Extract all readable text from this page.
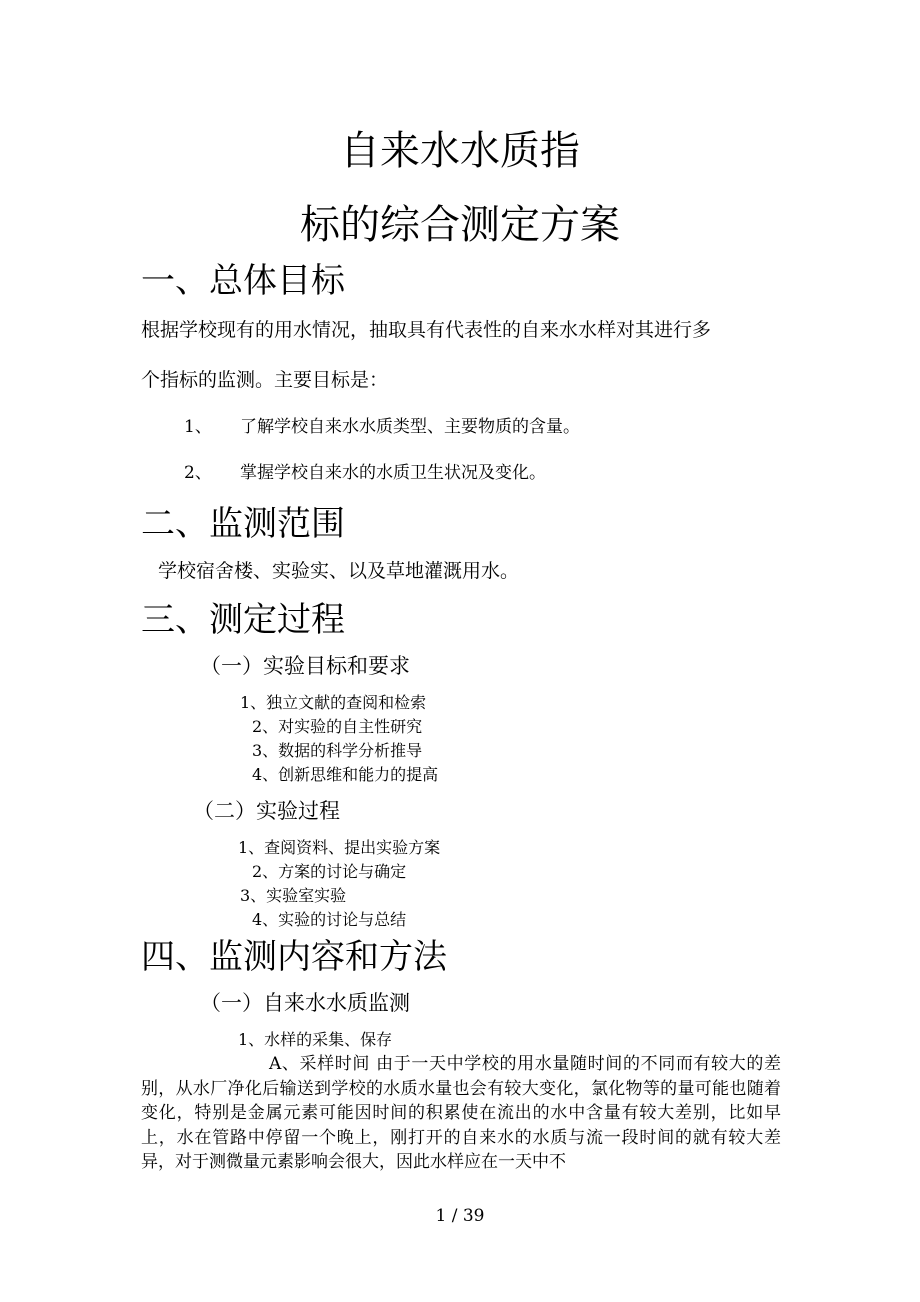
自来水水质指
标的综合测定方案
一、总体目标
根据学校现有的用水情况，抽取具有代表性的自来水水样对其进行多
个指标的监测。主要目标是：
1、 了解学校自来水水质类型、主要物质的含量。
2、 掌握学校自来水的水质卫生状况及变化。
二、监测范围
学校宿舍楼、实验实、以及草地灌溉用水。
三、测定过程
（一）实验目标和要求
1、独立文献的查阅和检索
2、对实验的自主性研究
3、数据的科学分析推导
4、创新思维和能力的提高
（二）实验过程
1、查阅资料、提出实验方案
2、方案的讨论与确定
3、实验室实验
4、实验的讨论与总结
四、监测内容和方法
（一）自来水水质监测
1、水样的采集、保存
A、采样时间 由于一天中学校的用水量随时间的不同而有较大的差别，从水厂净化后输送到学校的水质水量也会有较大变化，氯化物等的量可能也随着变化，特别是金属元素可能因时间的积累使在流出的水中含量有较大差别，比如早上，水在管路中停留一个晚上，刚打开的自来水的水质与流一段时间的就有较大差异，对于测微量元素影响会很大，因此水样应在一天中不
1 / 39
